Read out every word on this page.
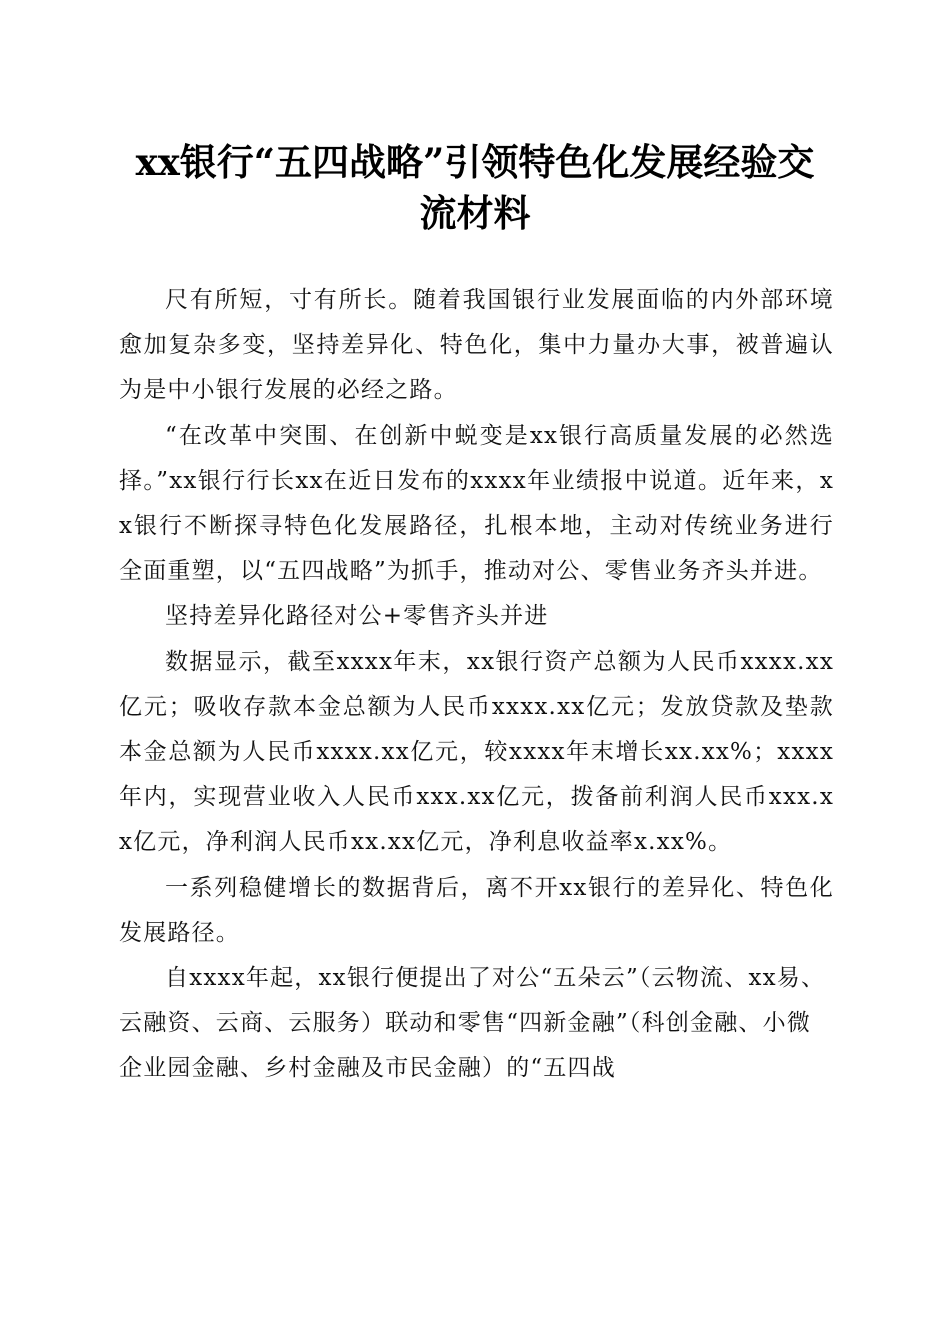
xx银行“五四战略”引领特色化发展经验交
流材料

尺有所短，寸有所长。随着我国银行业发展面临的内外部环境愈加复杂多变，坚持差异化、特色化，集中力量办大事，被普遍认为是中小银行发展的必经之路。

“在改革中突围、在创新中蜕变是xx银行高质量发展的必然选择。”xx银行行长xx在近日发布的xxxx年业绩报中说道。近年来，xx银行不断探寻特色化发展路径，扎根本地，主动对传统业务进行全面重塑，以“五四战略”为抓手，推动对公、零售业务齐头并进。

坚持差异化路径对公+零售齐头并进

数据显示，截至xxxx年末，xx银行资产总额为人民币xxxx.xx亿元；吸收存款本金总额为人民币xxxx.xx亿元；发放贷款及垫款本金总额为人民币xxxx.xx亿元，较xxxx年末增长xx.xx%；xxxx年内，实现营业收入人民币xxx.xx亿元，拨备前利润人民币xxx.xx亿元，净利润人民币xx.xx亿元，净利息收益率x.xx%。

一系列稳健增长的数据背后，离不开xx银行的差异化、特色化发展路径。

自xxxx年起，xx银行便提出了对公“五朵云”（云物流、xx易、云融资、云商、云服务）联动和零售“四新金融”（科创金融、小微企业园金融、乡村金融及市民金融）的“五四战
